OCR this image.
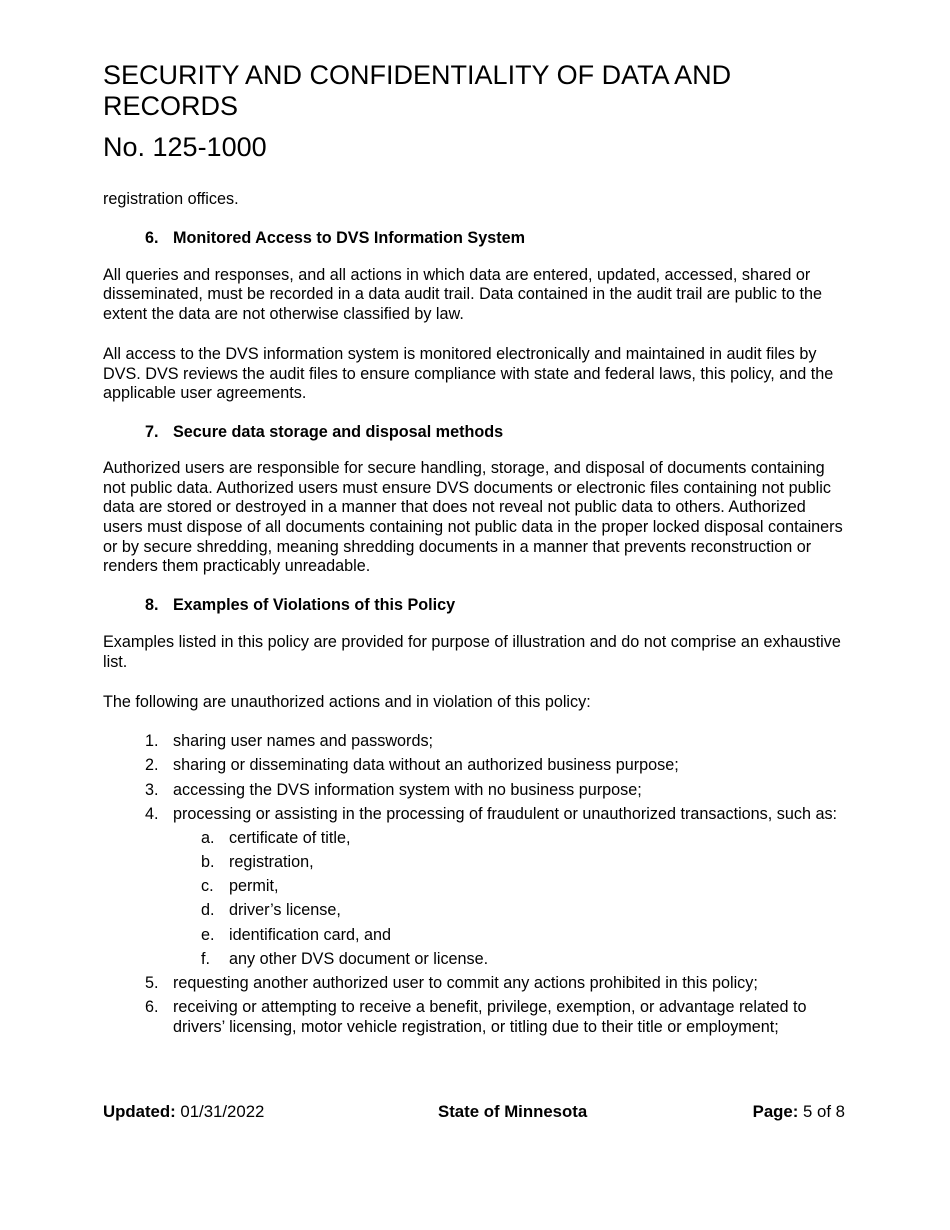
SECURITY AND CONFIDENTIALITY OF DATA AND RECORDS
No. 125-1000

registration offices.

6. Monitored Access to DVS Information System

All queries and responses, and all actions in which data are entered, updated, accessed, shared or disseminated, must be recorded in a data audit trail. Data contained in the audit trail are public to the extent the data are not otherwise classified by law.

All access to the DVS information system is monitored electronically and maintained in audit files by DVS. DVS reviews the audit files to ensure compliance with state and federal laws, this policy, and the applicable user agreements.

7. Secure data storage and disposal methods

Authorized users are responsible for secure handling, storage, and disposal of documents containing not public data. Authorized users must ensure DVS documents or electronic files containing not public data are stored or destroyed in a manner that does not reveal not public data to others. Authorized users must dispose of all documents containing not public data in the proper locked disposal containers or by secure shredding, meaning shredding documents in a manner that prevents reconstruction or renders them practicably unreadable.

8. Examples of Violations of this Policy

Examples listed in this policy are provided for purpose of illustration and do not comprise an exhaustive list.

The following are unauthorized actions and in violation of this policy:

1. sharing user names and passwords;
2. sharing or disseminating data without an authorized business purpose;
3. accessing the DVS information system with no business purpose;
4. processing or assisting in the processing of fraudulent or unauthorized transactions, such as:
a. certificate of title,
b. registration,
c. permit,
d. driver’s license,
e. identification card, and
f.	any other DVS document or license.
5. requesting another authorized user to commit any actions prohibited in this policy;
6. receiving or attempting to receive a benefit, privilege, exemption, or advantage related to drivers’ licensing, motor vehicle registration, or titling due to their title or employment;
Updated: 01/31/2022	State of Minnesota	Page: 5 of 8
